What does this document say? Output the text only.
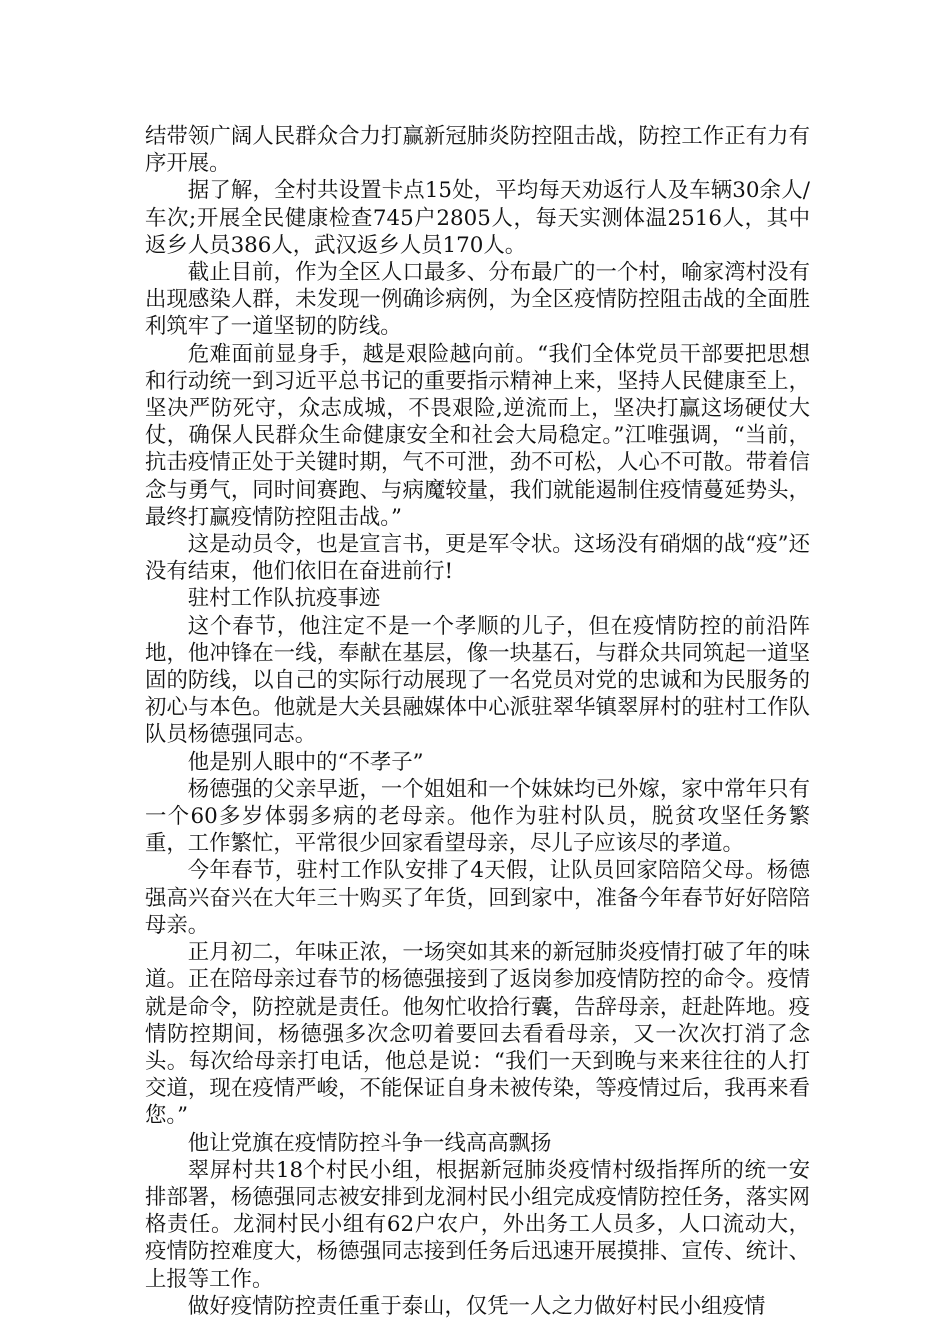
结带领广阔人民群众合力打赢新冠肺炎防控阻击战，防控工作正有力有序开展。

据了解，全村共设置卡点15处，平均每天劝返行人及车辆30余人/车次;开展全民健康检查745户2805人，每天实测体温2516人，其中返乡人员386人，武汉返乡人员170人。

截止目前，作为全区人口最多、分布最广的一个村，喻家湾村没有出现感染人群，未发现一例确诊病例，为全区疫情防控阻击战的全面胜利筑牢了一道坚韧的防线。

危难面前显身手，越是艰险越向前。“我们全体党员干部要把思想和行动统一到习近平总书记的重要指示精神上来，坚持人民健康至上，坚决严防死守，众志成城，不畏艰险,逆流而上，坚决打赢这场硬仗大仗，确保人民群众生命健康安全和社会大局稳定。”江唯强调，“当前，抗击疫情正处于关键时期，气不可泄，劲不可松，人心不可散。带着信念与勇气，同时间赛跑、与病魔较量，我们就能遏制住疫情蔓延势头，最终打赢疫情防控阻击战。”

这是动员令，也是宣言书，更是军令状。这场没有硝烟的战“疫”还没有结束，他们依旧在奋进前行!

驻村工作队抗疫事迹

这个春节，他注定不是一个孝顺的儿子，但在疫情防控的前沿阵地，他冲锋在一线，奉献在基层，像一块基石，与群众共同筑起一道坚固的防线，以自己的实际行动展现了一名党员对党的忠诚和为民服务的初心与本色。他就是大关县融媒体中心派驻翠华镇翠屏村的驻村工作队队员杨德强同志。

他是别人眼中的“不孝子”

杨德强的父亲早逝，一个姐姐和一个妹妹均已外嫁，家中常年只有一个60多岁体弱多病的老母亲。他作为驻村队员，脱贫攻坚任务繁重，工作繁忙，平常很少回家看望母亲，尽儿子应该尽的孝道。

今年春节，驻村工作队安排了4天假，让队员回家陪陪父母。杨德强高兴奋兴在大年三十购买了年货，回到家中，准备今年春节好好陪陪母亲。

正月初二，年味正浓，一场突如其来的新冠肺炎疫情打破了年的味道。正在陪母亲过春节的杨德强接到了返岗参加疫情防控的命令。疫情就是命令，防控就是责任。他匆忙收拾行囊，告辞母亲，赶赴阵地。疫情防控期间，杨德强多次念叨着要回去看看母亲，又一次次打消了念头。每次给母亲打电话，他总是说：“我们一天到晚与来来往往的人打交道，现在疫情严峻，不能保证自身未被传染，等疫情过后，我再来看您。”

他让党旗在疫情防控斗争一线高高飘扬

翠屏村共18个村民小组，根据新冠肺炎疫情村级指挥所的统一安排部署，杨德强同志被安排到龙洞村民小组完成疫情防控任务，落实网格责任。龙洞村民小组有62户农户，外出务工人员多，人口流动大，疫情防控难度大，杨德强同志接到任务后迅速开展摸排、宣传、统计、上报等工作。

做好疫情防控责任重于泰山，仅凭一人之力做好村民小组疫情
